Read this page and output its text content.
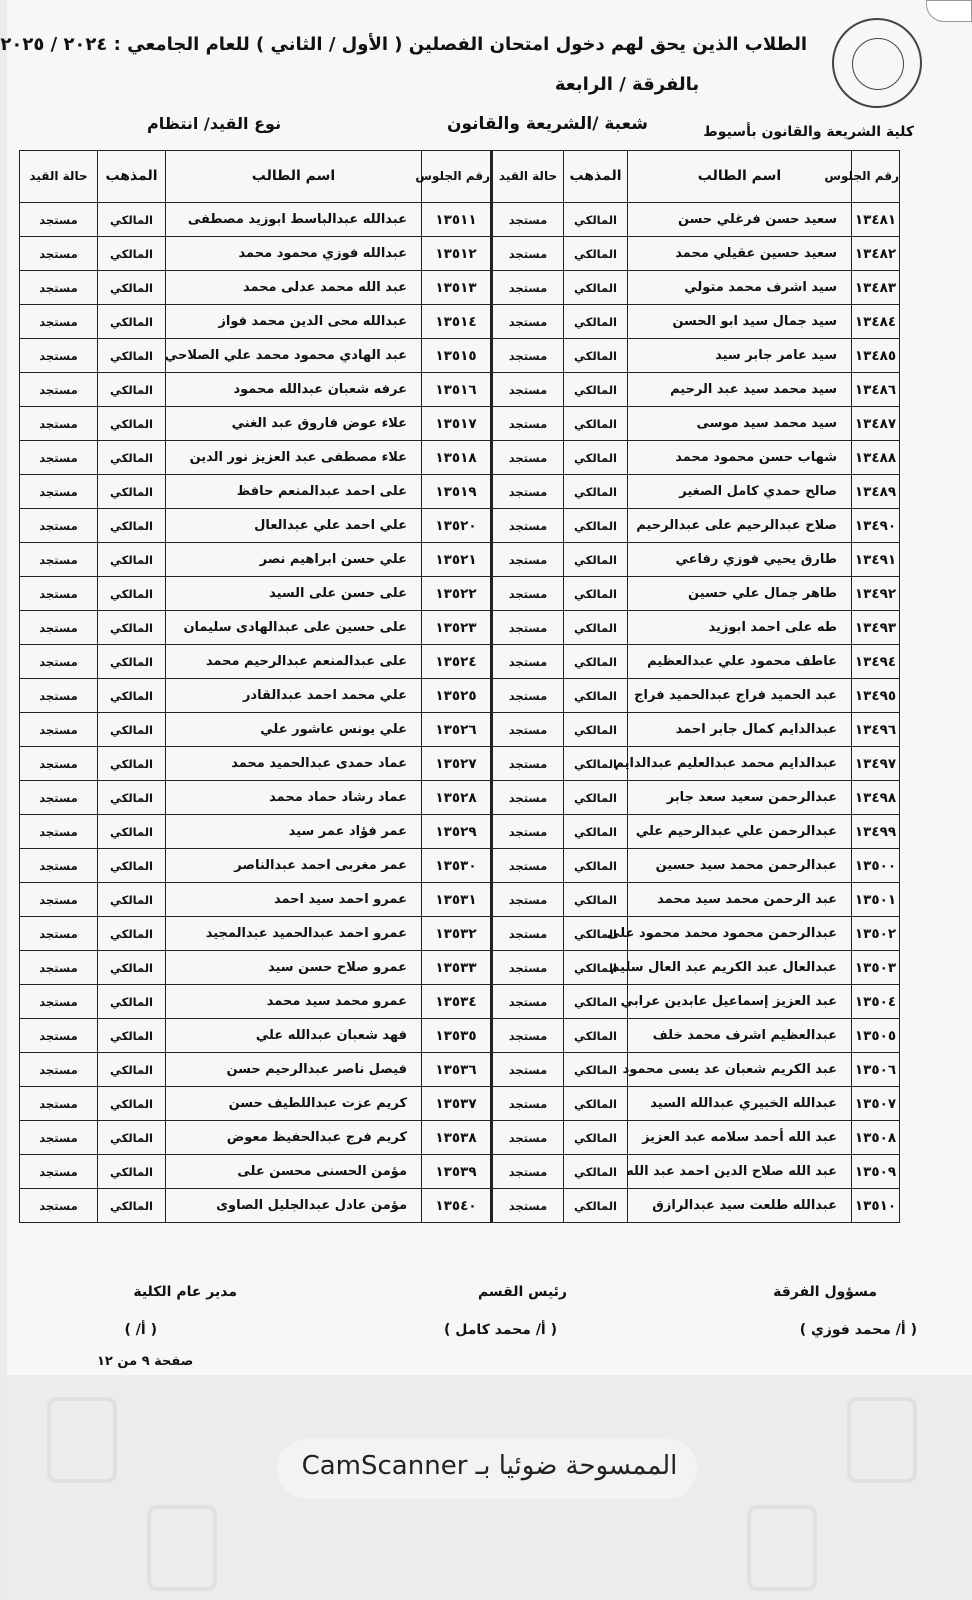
الطلاب الذين يحق لهم دخول امتحان الفصلين ( الأول / الثاني ) للعام الجامعي : ٢٠٢٤ / ٢٠٢٥
بالفرقة / الرابعة
كلية الشريعة والقانون بأسيوط
شعبة /الشريعة والقانون
نوع القيد/ انتظام
رقم الجلوس	اسم الطالب	المذهب	حالة القيد	رقم الجلوس	اسم الطالب	المذهب	حالة القيد
١٣٤٨١	سعيد حسن فرغلي حسن	المالكي	مستجد	١٣٥١١	عبدالله عبدالباسط ابوزيد مصطفى	المالكي	مستجد
١٣٤٨٢	سعيد حسين عقيلي محمد	المالكي	مستجد	١٣٥١٢	عبدالله فوزي محمود محمد	المالكي	مستجد
١٣٤٨٣	سيد اشرف محمد متولي	المالكي	مستجد	١٣٥١٣	عبد الله محمد عدلى محمد	المالكي	مستجد
١٣٤٨٤	سيد جمال سيد ابو الحسن	المالكي	مستجد	١٣٥١٤	عبدالله محى الدين محمد فواز	المالكي	مستجد
١٣٤٨٥	سيد عامر جابر سيد	المالكي	مستجد	١٣٥١٥	عبد الهادي محمود محمد علي الصلاحي	المالكي	مستجد
١٣٤٨٦	سيد محمد سيد عبد الرحيم	المالكي	مستجد	١٣٥١٦	عرفه شعبان عبدالله محمود	المالكي	مستجد
١٣٤٨٧	سيد محمد سيد موسى	المالكي	مستجد	١٣٥١٧	علاء عوض فاروق عبد الغني	المالكي	مستجد
١٣٤٨٨	شهاب حسن محمود محمد	المالكي	مستجد	١٣٥١٨	علاء مصطفى عبد العزيز نور الدين	المالكي	مستجد
١٣٤٨٩	صالح حمدي كامل الصغير	المالكي	مستجد	١٣٥١٩	على احمد عبدالمنعم حافظ	المالكي	مستجد
١٣٤٩٠	صلاح عبدالرحيم على عبدالرحيم	المالكي	مستجد	١٣٥٢٠	علي احمد علي عبدالعال	المالكي	مستجد
١٣٤٩١	طارق يحيي فوزي رفاعي	المالكي	مستجد	١٣٥٢١	علي حسن ابراهيم نصر	المالكي	مستجد
١٣٤٩٢	طاهر جمال علي حسين	المالكي	مستجد	١٣٥٢٢	على حسن على السيد	المالكي	مستجد
١٣٤٩٣	طه على احمد ابوزيد	المالكي	مستجد	١٣٥٢٣	على حسين على عبدالهادى سليمان	المالكي	مستجد
١٣٤٩٤	عاطف محمود علي عبدالعظيم	المالكي	مستجد	١٣٥٢٤	على عبدالمنعم عبدالرحيم محمد	المالكي	مستجد
١٣٤٩٥	عبد الحميد فراج عبدالحميد فراج	المالكي	مستجد	١٣٥٢٥	علي محمد احمد عبدالقادر	المالكي	مستجد
١٣٤٩٦	عبدالدايم كمال جابر احمد	المالكي	مستجد	١٣٥٢٦	علي يونس عاشور علي	المالكي	مستجد
١٣٤٩٧	عبدالدايم محمد عبدالعليم عبدالدايم	المالكي	مستجد	١٣٥٢٧	عماد حمدى عبدالحميد محمد	المالكي	مستجد
١٣٤٩٨	عبدالرحمن سعيد سعد جابر	المالكي	مستجد	١٣٥٢٨	عماد رشاد حماد محمد	المالكي	مستجد
١٣٤٩٩	عبدالرحمن علي عبدالرحيم علي	المالكي	مستجد	١٣٥٢٩	عمر فؤاد عمر سيد	المالكي	مستجد
١٣٥٠٠	عبدالرحمن محمد سيد حسين	المالكي	مستجد	١٣٥٣٠	عمر مغربى احمد عبدالناصر	المالكي	مستجد
١٣٥٠١	عبد الرحمن محمد سيد محمد	المالكي	مستجد	١٣٥٣١	عمرو احمد سيد احمد	المالكي	مستجد
١٣٥٠٢	عبدالرحمن محمود محمد محمود على	المالكي	مستجد	١٣٥٣٢	عمرو احمد عبدالحميد عبدالمجيد	المالكي	مستجد
١٣٥٠٣	عبدالعال عبد الكريم عبد العال سليم	المالكي	مستجد	١٣٥٣٣	عمرو صلاح حسن سيد	المالكي	مستجد
١٣٥٠٤	عبد العزيز إسماعيل عابدين عرابي	المالكي	مستجد	١٣٥٣٤	عمرو محمد سيد محمد	المالكي	مستجد
١٣٥٠٥	عبدالعظيم اشرف محمد خلف	المالكي	مستجد	١٣٥٣٥	فهد شعبان عبدالله علي	المالكي	مستجد
١٣٥٠٦	عبد الكريم شعبان عد يسى محمود	المالكي	مستجد	١٣٥٣٦	فيصل ناصر عبدالرحيم حسن	المالكي	مستجد
١٣٥٠٧	عبدالله الخبيري عبدالله السيد	المالكي	مستجد	١٣٥٣٧	كريم عزت عبداللطيف حسن	المالكي	مستجد
١٣٥٠٨	عبد الله أحمد سلامه عبد العزيز	المالكي	مستجد	١٣٥٣٨	كريم فرج عبدالحفيظ معوض	المالكي	مستجد
١٣٥٠٩	عبد الله صلاح الدين احمد عبد الله	المالكي	مستجد	١٣٥٣٩	مؤمن الحسنى محسن على	المالكي	مستجد
١٣٥١٠	عبدالله طلعت سيد عبدالرازق	المالكي	مستجد	١٣٥٤٠	مؤمن عادل عبدالجليل الصاوى	المالكي	مستجد
مسؤول الفرقة
رئيس القسم
مدير عام الكلية
( أ/ محمد فوزي )
( أ/ محمد كامل )
( أ/ )
صفحة ٩ من ١٢
الممسوحة ضوئيا بـ CamScanner
